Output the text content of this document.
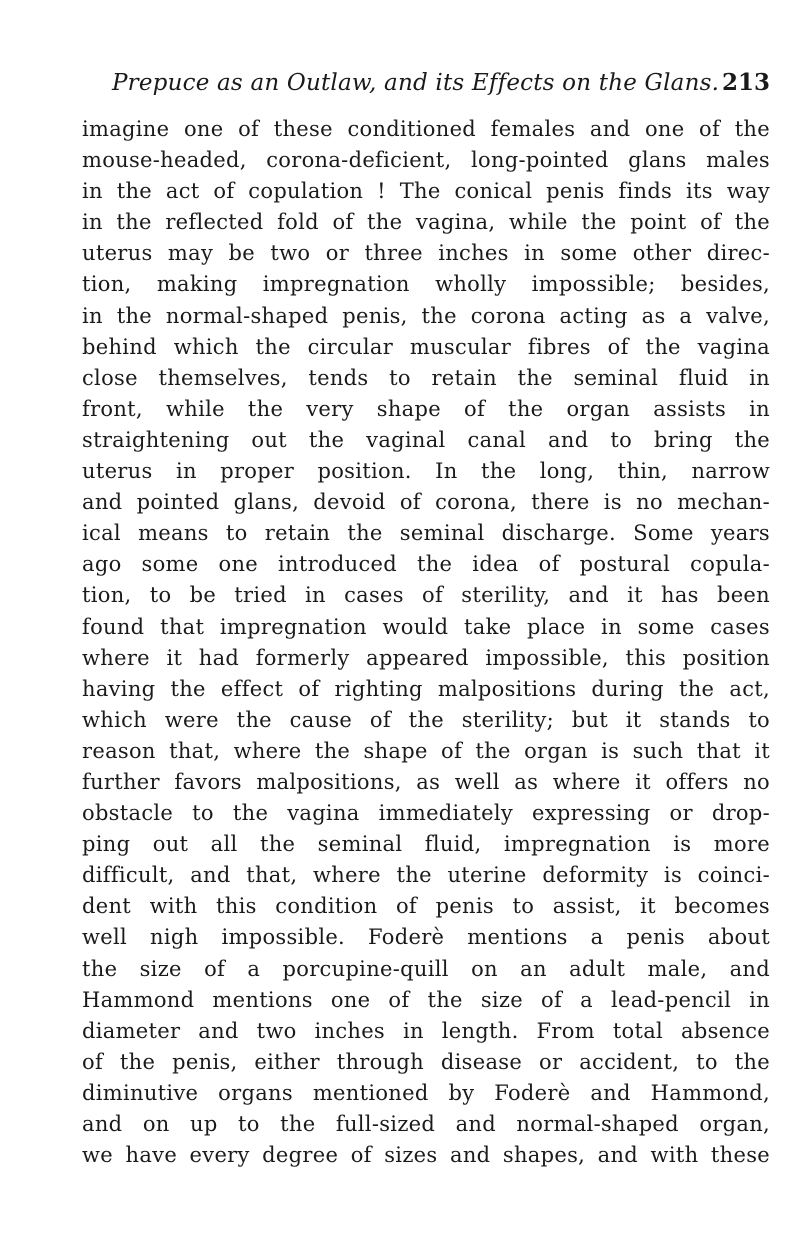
Prepuce as an Outlaw, and its Effects on the Glans. 213
imagine one of these conditioned females and one of the
mouse-headed, corona-deficient, long-pointed glans males
in the act of copulation ! The conical penis finds its way
in the reflected fold of the vagina, while the point of the
uterus may be two or three inches in some other direc-
tion, making impregnation wholly impossible; besides,
in the normal-shaped penis, the corona acting as a valve,
behind which the circular muscular fibres of the vagina
close themselves, tends to retain the seminal fluid in
front, while the very shape of the organ assists in
straightening out the vaginal canal and to bring the
uterus in proper position. In the long, thin, narrow
and pointed glans, devoid of corona, there is no mechan-
ical means to retain the seminal discharge. Some years
ago some one introduced the idea of postural copula-
tion, to be tried in cases of sterility, and it has been
found that impregnation would take place in some cases
where it had formerly appeared impossible, this position
having the effect of righting malpositions during the act,
which were the cause of the sterility; but it stands to
reason that, where the shape of the organ is such that it
further favors malpositions, as well as where it offers no
obstacle to the vagina immediately expressing or drop-
ping out all the seminal fluid, impregnation is more
difficult, and that, where the uterine deformity is coinci-
dent with this condition of penis to assist, it becomes
well nigh impossible. Foderè mentions a penis about
the size of a porcupine-quill on an adult male, and
Hammond mentions one of the size of a lead-pencil in
diameter and two inches in length. From total absence
of the penis, either through disease or accident, to the
diminutive organs mentioned by Foderè and Hammond,
and on up to the full-sized and normal-shaped organ,
we have every degree of sizes and shapes, and with these
